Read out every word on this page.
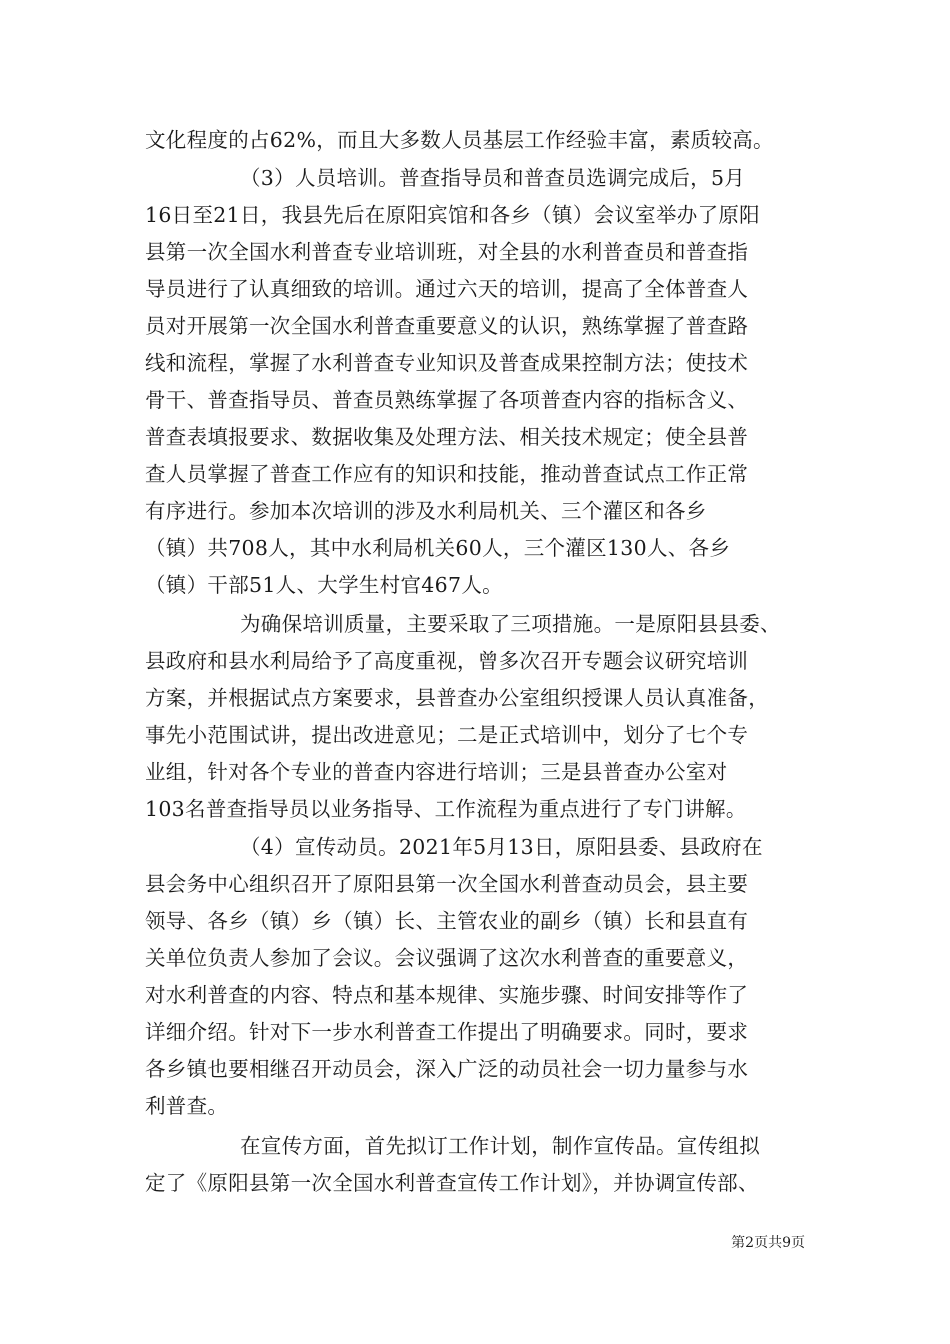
文化程度的占62%，而且大多数人员基层工作经验丰富，素质较高。
（3）人员培训。普查指导员和普查员选调完成后，5月
16日至21日，我县先后在原阳宾馆和各乡（镇）会议室举办了原阳
县第一次全国水利普查专业培训班，对全县的水利普查员和普查指
导员进行了认真细致的培训。通过六天的培训，提高了全体普查人
员对开展第一次全国水利普查重要意义的认识，熟练掌握了普查路
线和流程，掌握了水利普查专业知识及普查成果控制方法；使技术
骨干、普查指导员、普查员熟练掌握了各项普查内容的指标含义、
普查表填报要求、数据收集及处理方法、相关技术规定；使全县普
查人员掌握了普查工作应有的知识和技能，推动普查试点工作正常
有序进行。参加本次培训的涉及水利局机关、三个灌区和各乡
（镇）共708人，其中水利局机关60人，三个灌区130人、各乡
（镇）干部51人、大学生村官467人。
为确保培训质量，主要采取了三项措施。一是原阳县县委、
县政府和县水利局给予了高度重视，曾多次召开专题会议研究培训
方案，并根据试点方案要求，县普查办公室组织授课人员认真准备，
事先小范围试讲，提出改进意见；二是正式培训中，划分了七个专
业组，针对各个专业的普查内容进行培训；三是县普查办公室对
103名普查指导员以业务指导、工作流程为重点进行了专门讲解。
（4）宣传动员。2021年5月13日，原阳县委、县政府在
县会务中心组织召开了原阳县第一次全国水利普查动员会，县主要
领导、各乡（镇）乡（镇）长、主管农业的副乡（镇）长和县直有
关单位负责人参加了会议。会议强调了这次水利普查的重要意义，
对水利普查的内容、特点和基本规律、实施步骤、时间安排等作了
详细介绍。针对下一步水利普查工作提出了明确要求。同时，要求
各乡镇也要相继召开动员会，深入广泛的动员社会一切力量参与水
利普查。
在宣传方面，首先拟订工作计划，制作宣传品。宣传组拟
定了《原阳县第一次全国水利普查宣传工作计划》，并协调宣传部、
第2页共9页
